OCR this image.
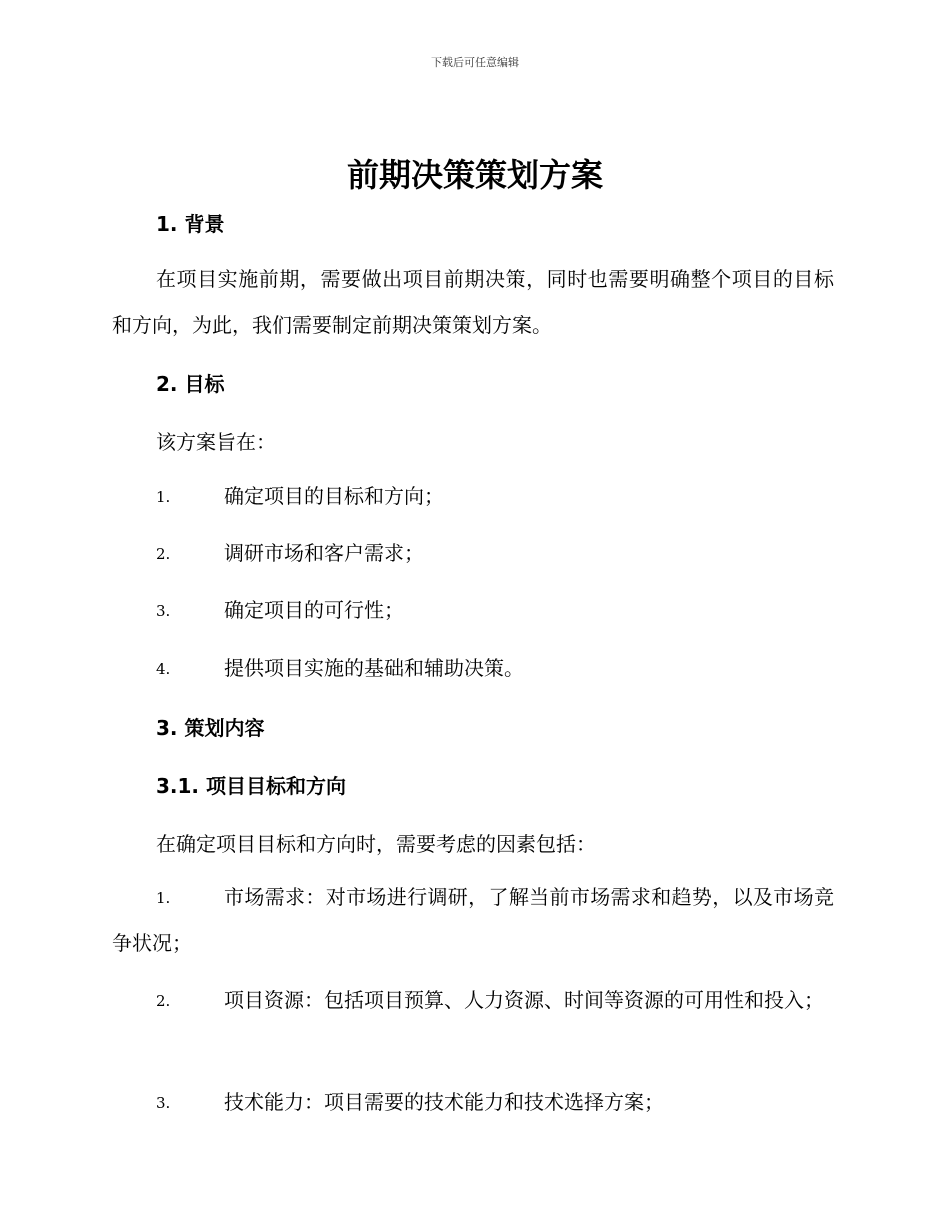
下载后可任意编辑
前期决策策划方案
1. 背景
在项目实施前期，需要做出项目前期决策，同时也需要明确整个项目的目标和方向，为此，我们需要制定前期决策策划方案。
2. 目标
该方案旨在：
1.	确定项目的目标和方向；
2.	调研市场和客户需求；
3.	确定项目的可行性；
4.	提供项目实施的基础和辅助决策。
3. 策划内容
3.1. 项目目标和方向
在确定项目目标和方向时，需要考虑的因素包括：
1.	市场需求：对市场进行调研，了解当前市场需求和趋势，以及市场竞争状况；
2.	项目资源：包括项目预算、人力资源、时间等资源的可用性和投入；
3.	技术能力：项目需要的技术能力和技术选择方案；
